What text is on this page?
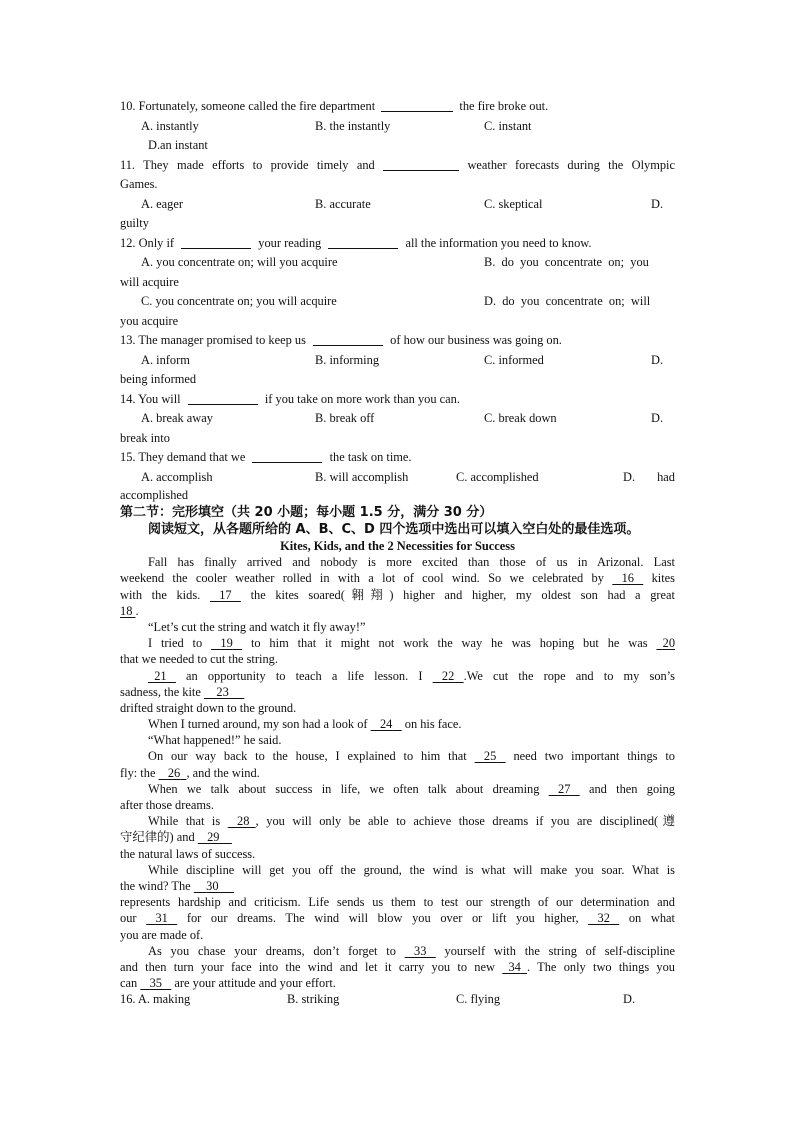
10. Fortunately, someone called the fire department	the fire broke out.
A. instantly	B. the instantly	C. instant
D.an instant
11. They made efforts to provide timely and	weather forecasts during the Olympic
Games.
A. eager	B. accurate	C. skeptical	D.
guilty
12. Only if	your reading	all the information you need to know.
A. you concentrate on; will you acquire	B.  do  you  concentrate  on;  you
will acquire
C. you concentrate on; you will acquire	D.  do  you  concentrate  on;  will
you acquire
13. The manager promised to keep us	of how our business was going on.
A. inform	B. informing	C. informed	D.
being informed
14. You will	if you take on more work than you can.
A. break away	B. break off	C. break down	D.
break into
15. They demand that we	the task on time.
A. accomplish	B. will accomplish	C. accomplished	D. had
accomplished
第二节：完形填空（共 20 小题；每小题 1.5 分，满分 30 分）
阅读短文，从各题所给的 A、B、C、D 四个选项中选出可以填入空白处的最佳选项。
Kites, Kids, and the 2 Necessities for Success
Fall has finally arrived and nobody is more excited than those of us in Arizonal. Last
weekend the cooler weather rolled in with a lot of cool wind. So we celebrated by 16 kites
with the kids. 17 the kites soared(翱翔) higher and higher, my oldest son had a great
18 .
“Let’s cut the string and watch it fly away!”
I tried to 19 to him that it might not work the way he was hoping but he was 20
that we needed to cut the string.
21 an opportunity to teach a life lesson. I 22 .We cut the rope and to my son’s
sadness, the kite 23
drifted straight down to the ground.
When I turned around, my son had a look of 24 on his face.
“What happened!” he said.
On our way back to the house, I explained to him that 25 need two important things to
fly: the 26 , and the wind.
When we talk about success in life, we often talk about dreaming 27 and then going
after those dreams.
While that is 28 , you will only be able to achieve those dreams if you are disciplined(遵
守纪律的) and 29
the natural laws of success.
While discipline will get you off the ground, the wind is what will make you soar. What is
the wind? The 30
represents hardship and criticism. Life sends us them to test our strength of our determination and
our 31 for our dreams. The wind will blow you over or lift you higher, 32 on what
you are made of.
As you chase your dreams, don’t forget to 33 yourself with the string of self-discipline
and then turn your face into the wind and let it carry you to new 34 . The only two things you
can 35 are your attitude and your effort.
16. A. making	B. striking	C. flying	D.
